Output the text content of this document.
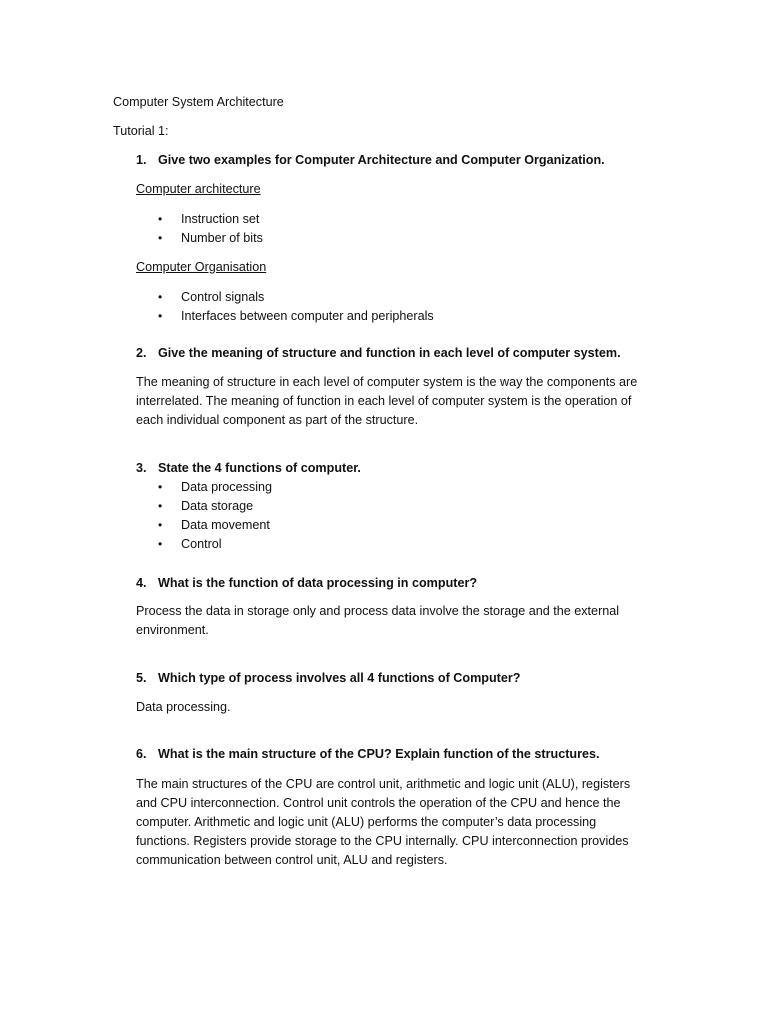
Computer System Architecture
Tutorial 1:
1. Give two examples for Computer Architecture and Computer Organization.
Computer architecture
• Instruction set
• Number of bits
Computer Organisation
• Control signals
• Interfaces between computer and peripherals
2. Give the meaning of structure and function in each level of computer system.
The meaning of structure in each level of computer system is the way the components are
interrelated. The meaning of function in each level of computer system is the operation of
each individual component as part of the structure.
3. State the 4 functions of computer.
• Data processing
• Data storage
• Data movement
• Control
4. What is the function of data processing in computer?
Process the data in storage only and process data involve the storage and the external
environment.
5. Which type of process involves all 4 functions of Computer?
Data processing.
6. What is the main structure of the CPU? Explain function of the structures.
The main structures of the CPU are control unit, arithmetic and logic unit (ALU), registers
and CPU interconnection. Control unit controls the operation of the CPU and hence the
computer. Arithmetic and logic unit (ALU) performs the computer’s data processing
functions. Registers provide storage to the CPU internally. CPU interconnection provides
communication between control unit, ALU and registers.
